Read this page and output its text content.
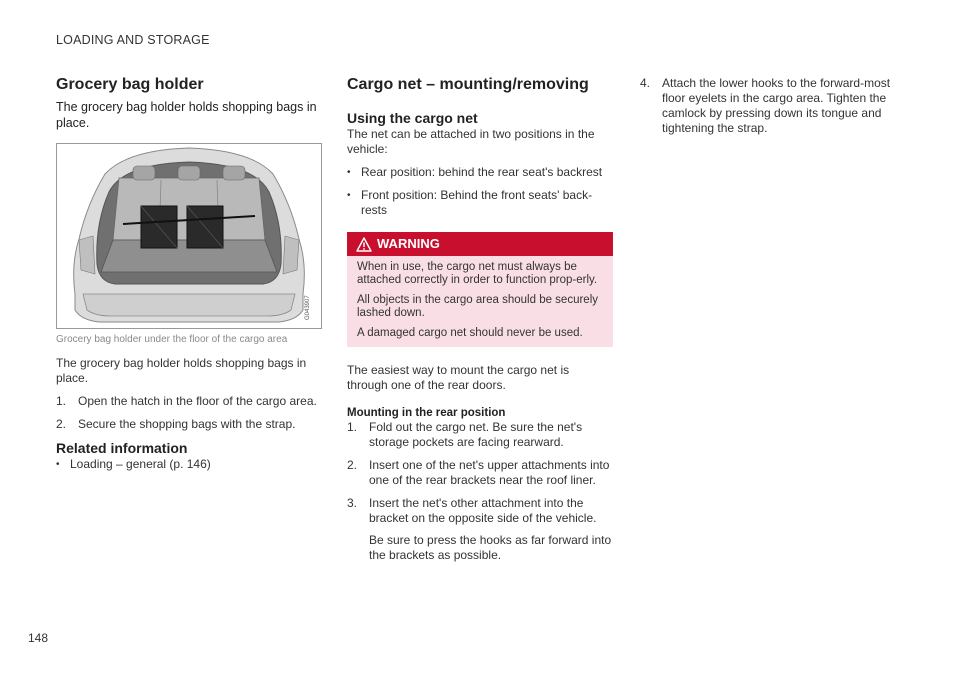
LOADING AND STORAGE
Grocery bag holder

The grocery bag holder holds shopping bags in place.

G043907
Grocery bag holder under the floor of the cargo area

The grocery bag holder holds shopping bags in place.

1. Open the hatch in the floor of the cargo area.
2. Secure the shopping bags with the strap.
Related information
• Loading – general (p. 146)
Cargo net – mounting/removing
Using the cargo net

The net can be attached in two positions in the vehicle:

• Rear position: behind the rear seat's backrest
• Front position: Behind the front seats' back-rests
WARNING

When in use, the cargo net must always be attached correctly in order to function prop-erly.

All objects in the cargo area should be securely lashed down.

A damaged cargo net should never be used.

The easiest way to mount the cargo net is through one of the rear doors.

Mounting in the rear position
1. Fold out the cargo net. Be sure the net's storage pockets are facing rearward.
2. Insert one of the net's upper attachments into one of the rear brackets near the roof liner.
3. Insert the net's other attachment into the bracket on the opposite side of the vehicle.
Be sure to press the hooks as far forward into the brackets as possible.
4. Attach the lower hooks to the forward-most floor eyelets in the cargo area. Tighten the camlock by pressing down its tongue and tightening the strap.
148
